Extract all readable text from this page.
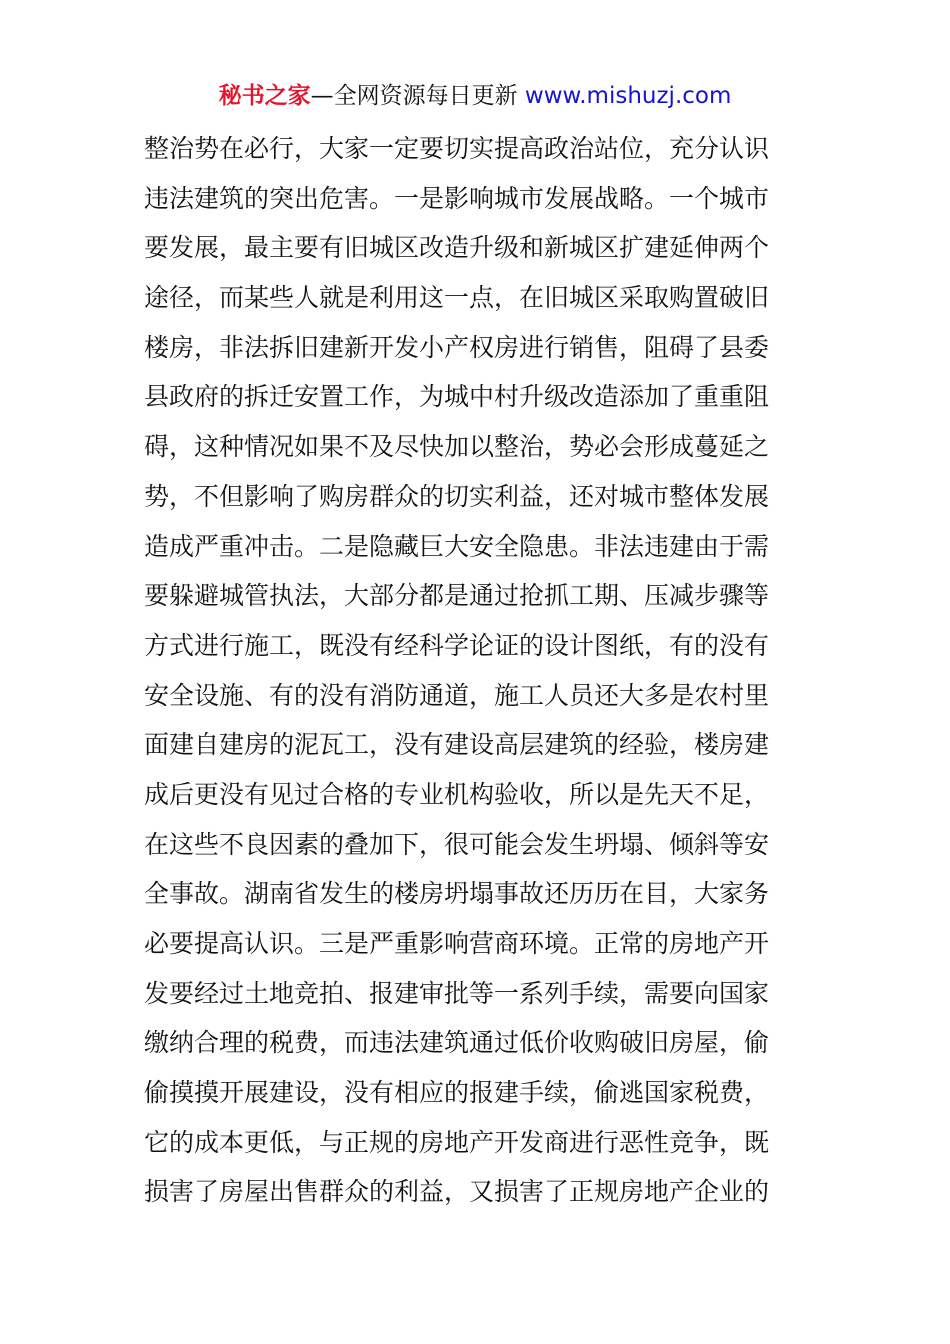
秘书之家—全网资源每日更新 www.mishuzj.com
整治势在必行，大家一定要切实提高政治站位，充分认识
违法建筑的突出危害。一是影响城市发展战略。一个城市
要发展，最主要有旧城区改造升级和新城区扩建延伸两个
途径，而某些人就是利用这一点，在旧城区采取购置破旧
楼房，非法拆旧建新开发小产权房进行销售，阻碍了县委
县政府的拆迁安置工作，为城中村升级改造添加了重重阻
碍，这种情况如果不及尽快加以整治，势必会形成蔓延之
势，不但影响了购房群众的切实利益，还对城市整体发展
造成严重冲击。二是隐藏巨大安全隐患。非法违建由于需
要躲避城管执法，大部分都是通过抢抓工期、压减步骤等
方式进行施工，既没有经科学论证的设计图纸，有的没有
安全设施、有的没有消防通道，施工人员还大多是农村里
面建自建房的泥瓦工，没有建设高层建筑的经验，楼房建
成后更没有见过合格的专业机构验收，所以是先天不足，
在这些不良因素的叠加下，很可能会发生坍塌、倾斜等安
全事故。湖南省发生的楼房坍塌事故还历历在目，大家务
必要提高认识。三是严重影响营商环境。正常的房地产开
发要经过土地竞拍、报建审批等一系列手续，需要向国家
缴纳合理的税费，而违法建筑通过低价收购破旧房屋，偷
偷摸摸开展建设，没有相应的报建手续，偷逃国家税费，
它的成本更低，与正规的房地产开发商进行恶性竞争，既
损害了房屋出售群众的利益，又损害了正规房地产企业的
